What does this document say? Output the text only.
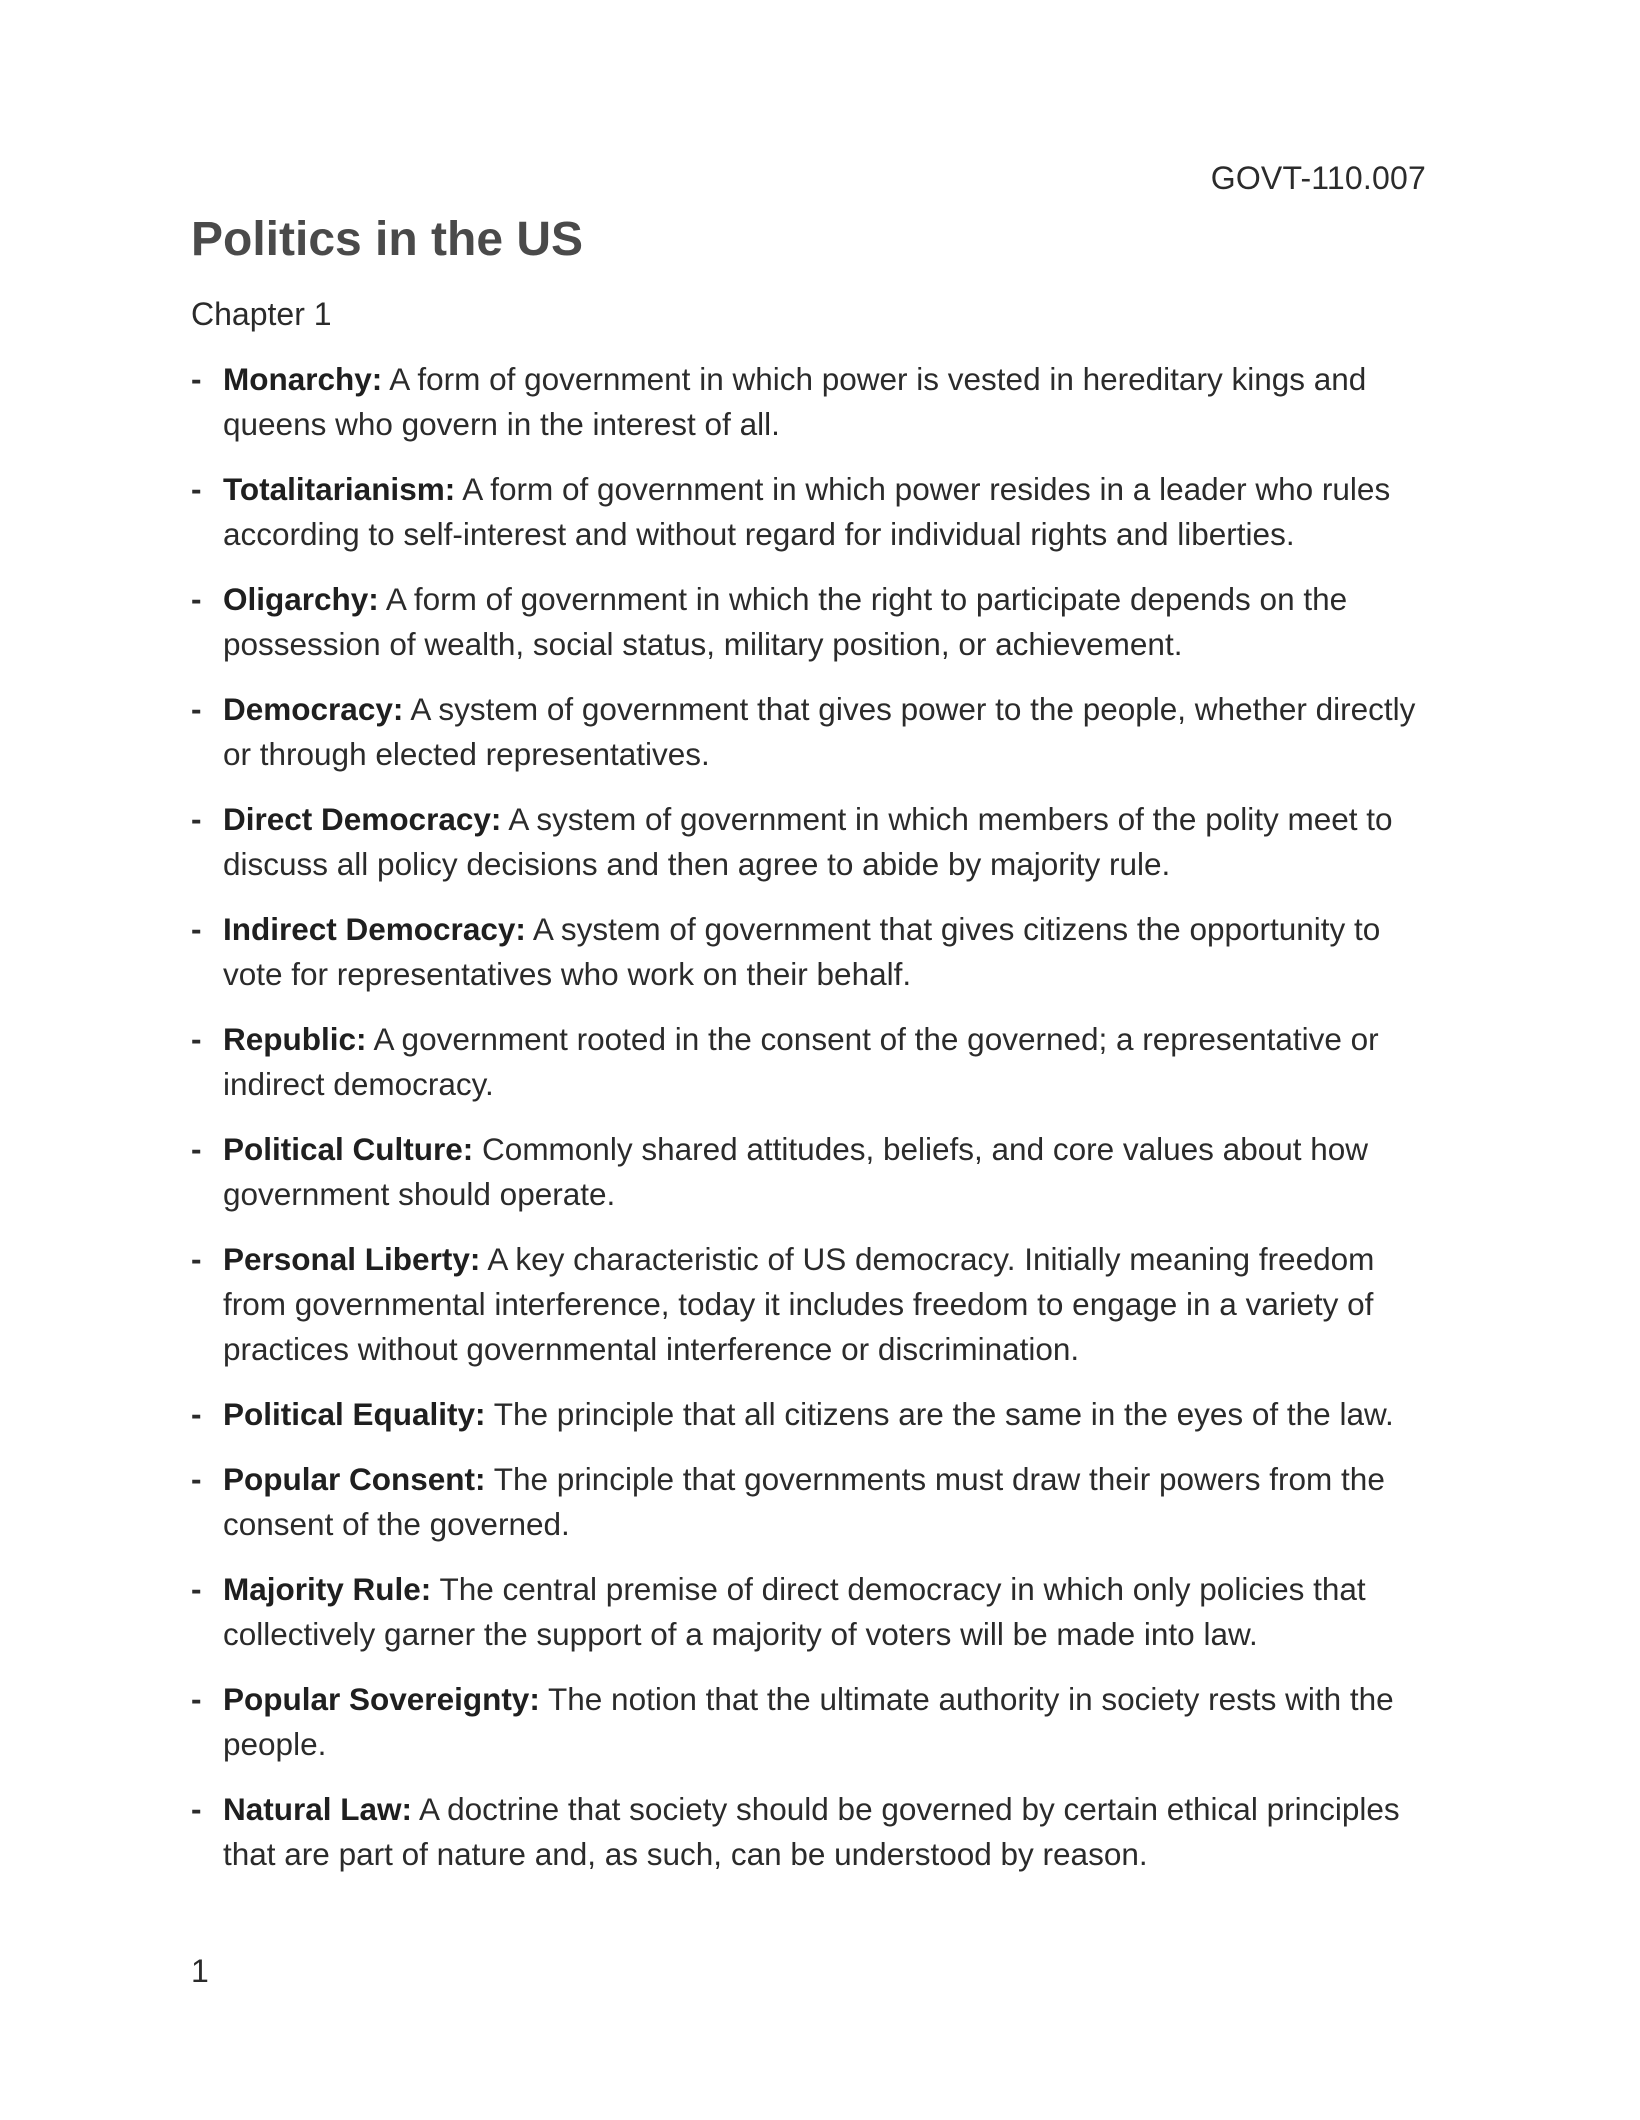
GOVT-110.007
Politics in the US
Chapter 1
- Monarchy: A form of government in which power is vested in hereditary kings and queens who govern in the interest of all.
- Totalitarianism: A form of government in which power resides in a leader who rules according to self-interest and without regard for individual rights and liberties.
- Oligarchy: A form of government in which the right to participate depends on the possession of wealth, social status, military position, or achievement.
- Democracy: A system of government that gives power to the people, whether directly or through elected representatives.
- Direct Democracy: A system of government in which members of the polity meet to discuss all policy decisions and then agree to abide by majority rule.
- Indirect Democracy: A system of government that gives citizens the opportunity to vote for representatives who work on their behalf.
- Republic: A government rooted in the consent of the governed; a representative or indirect democracy.
- Political Culture: Commonly shared attitudes, beliefs, and core values about how government should operate.
- Personal Liberty: A key characteristic of US democracy. Initially meaning freedom from governmental interference, today it includes freedom to engage in a variety of practices without governmental interference or discrimination.
- Political Equality: The principle that all citizens are the same in the eyes of the law.
- Popular Consent: The principle that governments must draw their powers from the consent of the governed.
- Majority Rule: The central premise of direct democracy in which only policies that collectively garner the support of a majority of voters will be made into law.
- Popular Sovereignty: The notion that the ultimate authority in society rests with the people.
- Natural Law: A doctrine that society should be governed by certain ethical principles that are part of nature and, as such, can be understood by reason.
1
